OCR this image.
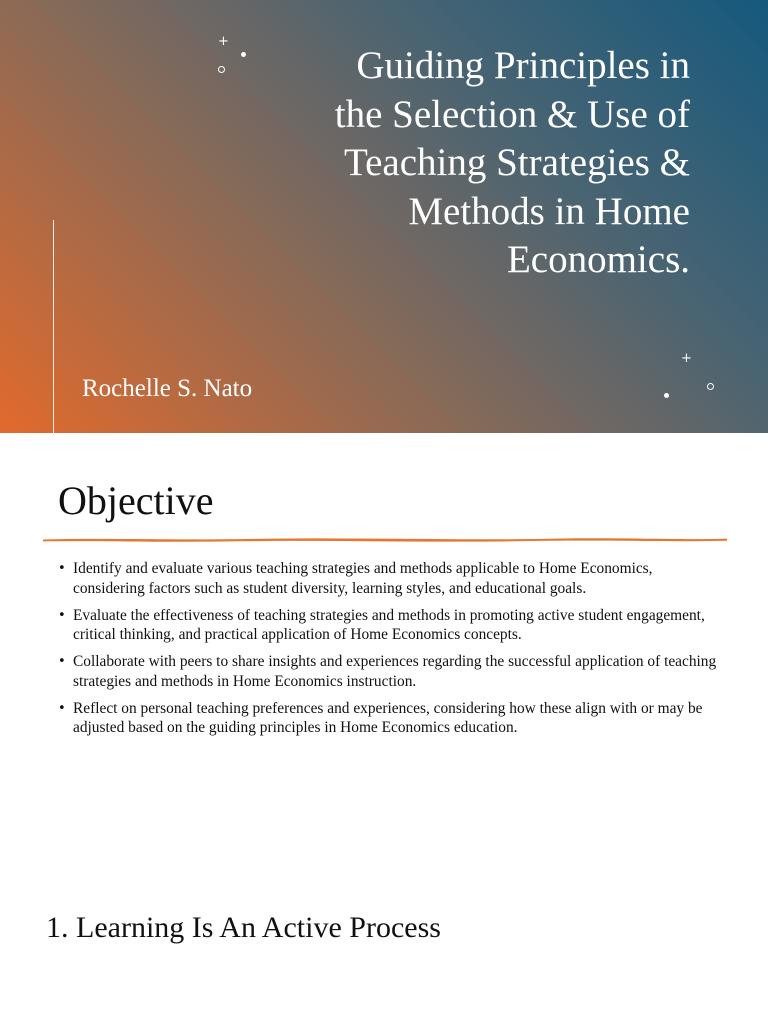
+
Guiding Principles in
the Selection & Use of
Teaching Strategies &
Methods in Home
Economics.

Rochelle S. Nato

+
Objective
• Identify and evaluate various teaching strategies and methods applicable to Home Economics, considering factors such as student diversity, learning styles, and educational goals.
• Evaluate the effectiveness of teaching strategies and methods in promoting active student engagement, critical thinking, and practical application of Home Economics concepts.
• Collaborate with peers to share insights and experiences regarding the successful application of teaching strategies and methods in Home Economics instruction.
• Reflect on personal teaching preferences and experiences, considering how these align with or may be adjusted based on the guiding principles in Home Economics education.
1. Learning Is An Active Process
